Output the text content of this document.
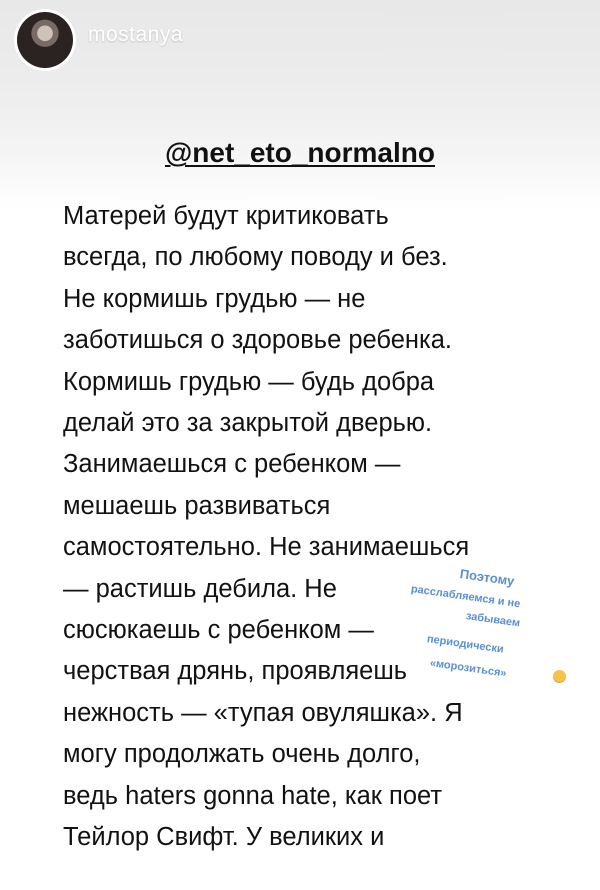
mostanya
@net_eto_normalno
Матерей будут критиковать
всегда, по любому поводу и без.
Не кормишь грудью — не
заботишься о здоровье ребенка.
Кормишь грудью — будь добра
делай это за закрытой дверью.
Занимаешься с ребенком —
мешаешь развиваться
самостоятельно. Не занимаешься
— растишь дебила. Не
сюсюкаешь с ребенком —
черствая дрянь, проявляешь
нежность — «тупая овуляшка». Я
могу продолжать очень долго,
ведь haters gonna hate, как поет
Тейлор Свифт. У великих и
Поэтому
расслабляемся и не
забываем
периодически
«морозиться»
